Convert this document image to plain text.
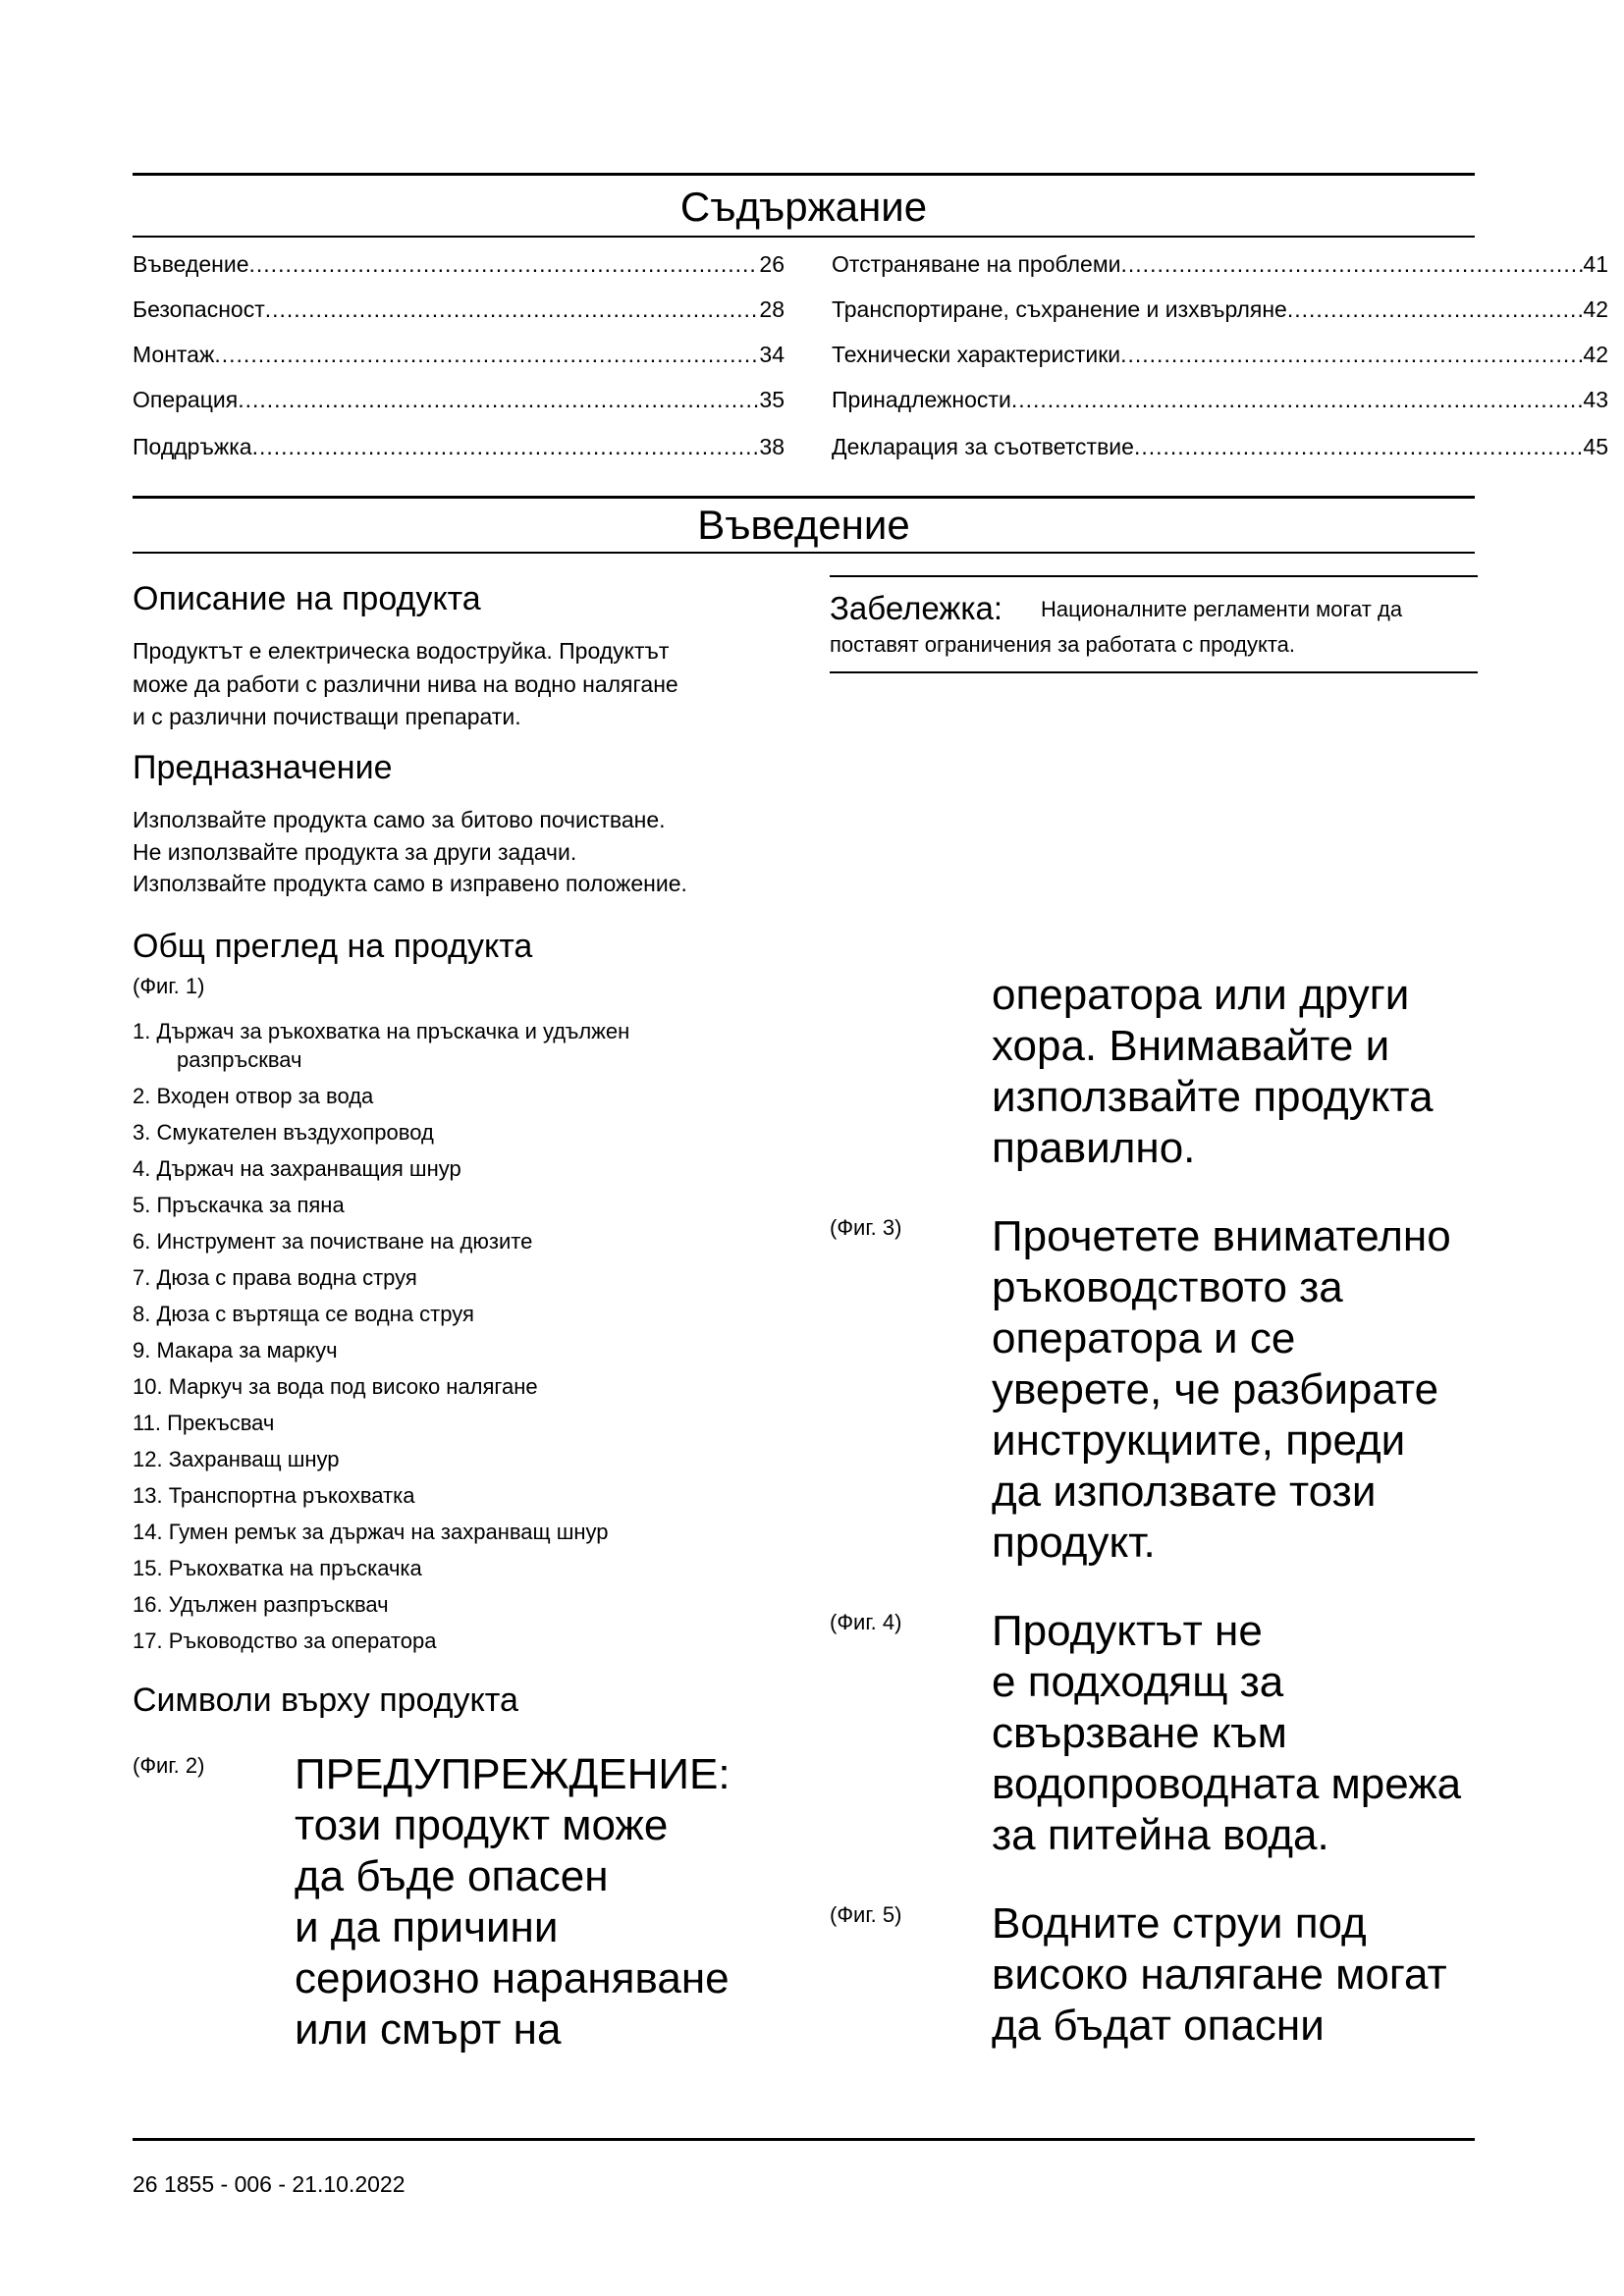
Съдържание
Въведение .....	26
Безопасност .....	28
Монтаж .....	34
Операция .....	35
Поддръжка .....	38
Отстраняване на проблеми .....	41
Транспортиране, съхранение и изхвърляне .....	42
Технически характеристики .....	42
Принадлежности .....	43
Декларация за съответствие .....	45
Въведение
Описание на продукта
Продуктът е електрическа водоструйка. Продуктът
може да работи с различни нива на водно налягане
и с различни почистващи препарати.
Забележка: Националните регламенти могат да
поставят ограничения за работата с продукта.
Предназначение
Използвайте продукта само за битово почистване.
Не използвайте продукта за други задачи.
Използвайте продукта само в изправено положение.
Общ преглед на продукта
(Фиг. 1)
1. Държач за ръкохватка на пръскачка и удължен
разпръсквач
2. Входен отвор за вода
3. Смукателен въздухопровод
4. Държач на захранващия шнур
5. Пръскачка за пяна
6. Инструмент за почистване на дюзите
7. Дюза с права водна струя
8. Дюза с въртяща се водна струя
9. Макара за маркуч
10. Маркуч за вода под високо налягане
11. Прекъсвач
12. Захранващ шнур
13. Транспортна ръкохватка
14. Гумен ремък за държач на захранващ шнур
15. Ръкохватка на пръскачка
16. Удължен разпръсквач
17. Ръководство за оператора
Символи върху продукта
(Фиг. 2) ПРЕДУПРЕЖДЕНИЕ:
този продукт може
да бъде опасен
и да причини
сериозно нараняване
или смърт на
оператора или други
хора. Внимавайте и
използвайте продукта
правилно.
(Фиг. 3) Прочетете внимателно
ръководството за
оператора и се
уверете, че разбирате
инструкциите, преди
да използвате този
продукт.
(Фиг. 4) Продуктът не
е подходящ за
свързване към
водопроводната мрежа
за питейна вода.
(Фиг. 5) Водните струи под
високо налягане могат
да бъдат опасни
26 1855 - 006 - 21.10.2022
